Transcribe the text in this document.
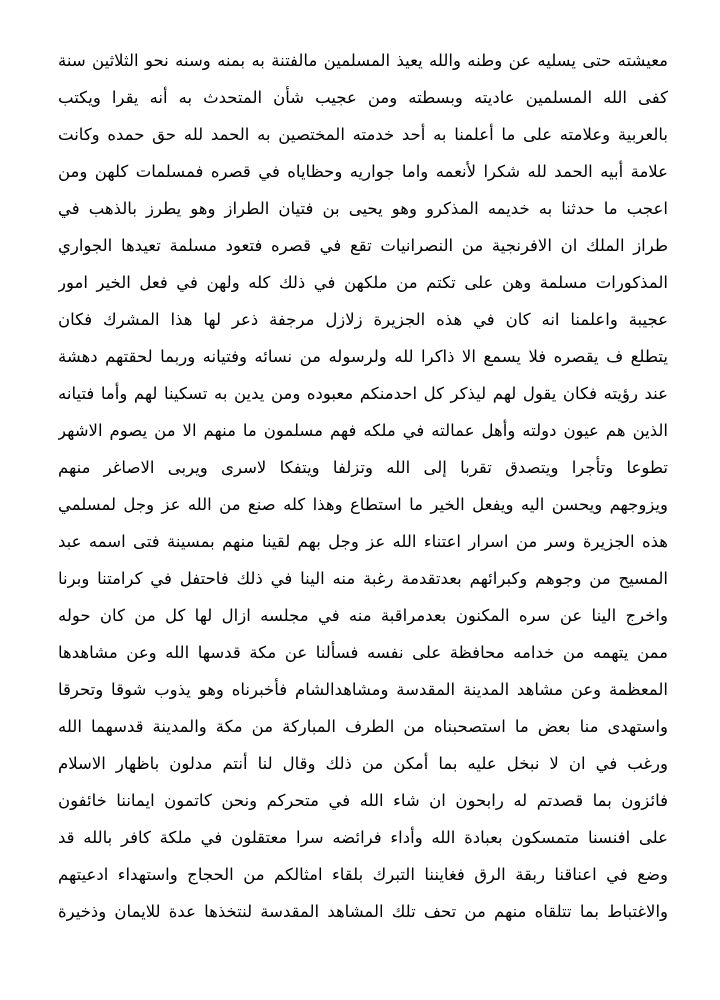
معيشته حتى يسليه عن وطنه والله يعيذ المسلمين مالفتنة به بمنه وسنه نحو الثلاثين سنة
كفى الله المسلمين عاديته وبسطته ومن عجيب شأن المتحدث به أنه يقرا ويكتب
بالعربية وعلامته على ما أعلمنا به أحد خدمته المختصين به الحمد لله حق حمده وكانت
علامة أبيه الحمد لله شكرا لأنعمه واما جواريه وحظاياه في قصره فمسلمات كلهن ومن
اعجب ما حدثنا به خديمه المذكرو وهو يحيى بن فتيان الطراز وهو يطرز بالذهب في
طراز الملك ان الافرنجية من النصرانيات تقع في قصره فتعود مسلمة تعيدها الجواري
المذكورات مسلمة وهن على تكتم من ملكهن في ذلك كله ولهن في فعل الخير امور
عجيبة واعلمنا انه كان في هذه الجزيرة زلازل مرجفة ذعر لها هذا المشرك فكان
يتطلع ف يقصره فلا يسمع الا ذاكرا لله ولرسوله من نسائه وفتيانه وربما لحقتهم دهشة
عند رؤيته فكان يقول لهم ليذكر كل احدمنكم معبوده ومن يدين به تسكينا لهم وأما فتيانه
الذين هم عيون دولته وأهل عمالته في ملكه فهم مسلمون ما منهم الا من يصوم الاشهر
تطوعا وتأجرا ويتصدق تقربا إلى الله وتزلفا ويتفكا لاسرى ويربى الاصاغر منهم
ويزوجهم ويحسن اليه ويفعل الخير ما استطاع وهذا كله صنع من الله عز وجل لمسلمي
هذه الجزيرة وسر من اسرار اعتناء الله عز وجل بهم لقينا منهم بمسينة فتى اسمه عبد
المسيح من وجوهم وكبرائهم بعدتقدمة رغبة منه الينا في ذلك فاحتفل في كرامتنا وبرنا
واخرج الينا عن سره المكنون بعدمراقبة منه في مجلسه ازال لها كل من كان حوله
ممن يتهمه من خدامه محافظة على نفسه فسألنا عن مكة قدسها الله وعن مشاهدها
المعظمة وعن مشاهد المدينة المقدسة ومشاهدالشام فأخبرناه وهو يذوب شوقا وتحرقا
واستهدى منا بعض ما استصحبناه من الطرف المباركة من مكة والمدينة قدسهما الله
ورغب في ان لا نبخل عليه بما أمكن من ذلك وقال لنا أنتم مدلون باظهار الاسلام
فائزون بما قصدتم له رابحون ان شاء الله في متحركم ونحن كاتمون ايماننا خائفون
على افنسنا متمسكون بعبادة الله وأداء فرائضه سرا معتقلون في ملكة كافر بالله قد
وضع في اعناقنا ربقة الرق فغايننا التبرك بلقاء امثالكم من الحجاج واستهداء ادعيتهم
والاغتباط بما تتلقاه منهم من تحف تلك المشاهد المقدسة لنتخذها عدة للايمان وذخيرة
